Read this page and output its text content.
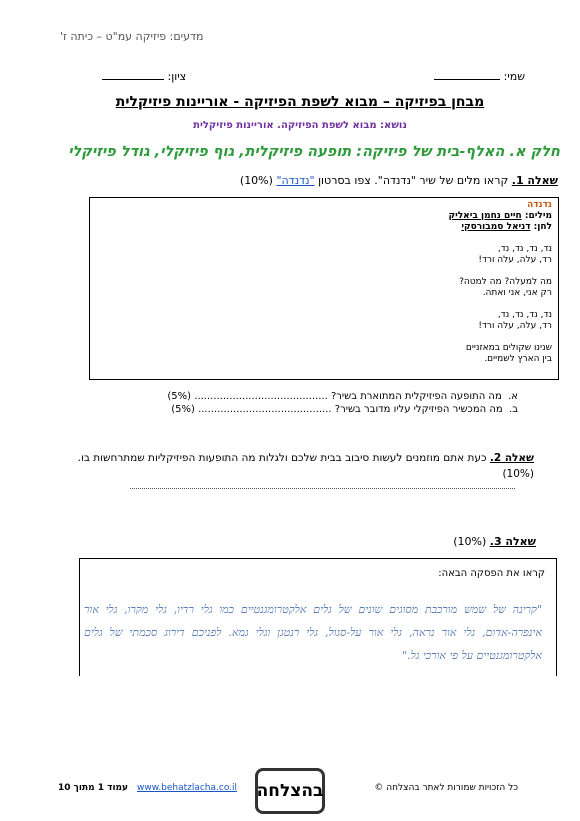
מדעים: פיזיקה עמ"ט – כיתה ז'
שמי:
ציון:
מבחן בפיזיקה – מבוא לשפת הפיזיקה - אוריינות פיזיקלית
נושא: מבוא לשפת הפיזיקה. אוריינות פיזיקלית
חלק א. האלף-בית של פיזיקה: תופעה פיזיקלית, גוף פיזיקלי, גודל פיזיקלי
שאלה 1. קראו מלים של שיר "נדנדה". צפו בסרטון "נדנדה" (10%)

נדנדה

מילים: חיים נחמן ביאליק

לחן: דניאל סמבורסקי

נד, נד, נד, נד,

רד, עלה, עלה ורד!

מה למעלה? מה למטה?

רק אני, אני ואתה.

נד, נד, נד, נד,

רד, עלה, עלה ורד!

שנינו שקולים במאזניים

בין הארץ לשמיים.

א.  מה התופעה הפיזיקלית המתוארת בשיר? .......................................... (5%)
ב.  מה המכשיר הפיזיקלי עליו מדובר בשיר? .......................................... (5%)
שאלה 2. כעת אתם מוזמנים לעשות סיבוב בבית שלכם ולגלות מה התופעות הפיזיקליות שמתרחשות בו. (10%)
שאלה 3. (10%)
קראו את הפסקה הבאה:
"קרינה של שמש מורכבת מסוגים שונים של גלים אלקטרומגנטיים כמו גלי רדיו, גלי מקרו, גלי אור אינפרה-אדום, גלי אור נראה, גלי אור על-סגול, גלי רנטגן וגלי גמא. לפניכם דירוג סכמתי של גלים אלקטרומגנטיים על פי אורכי גל."
כל הזכויות שמורות לאתר בהצלחה ©
בהצלחה
www.behatzlacha.co.il
עמוד 1 מתוך 10
